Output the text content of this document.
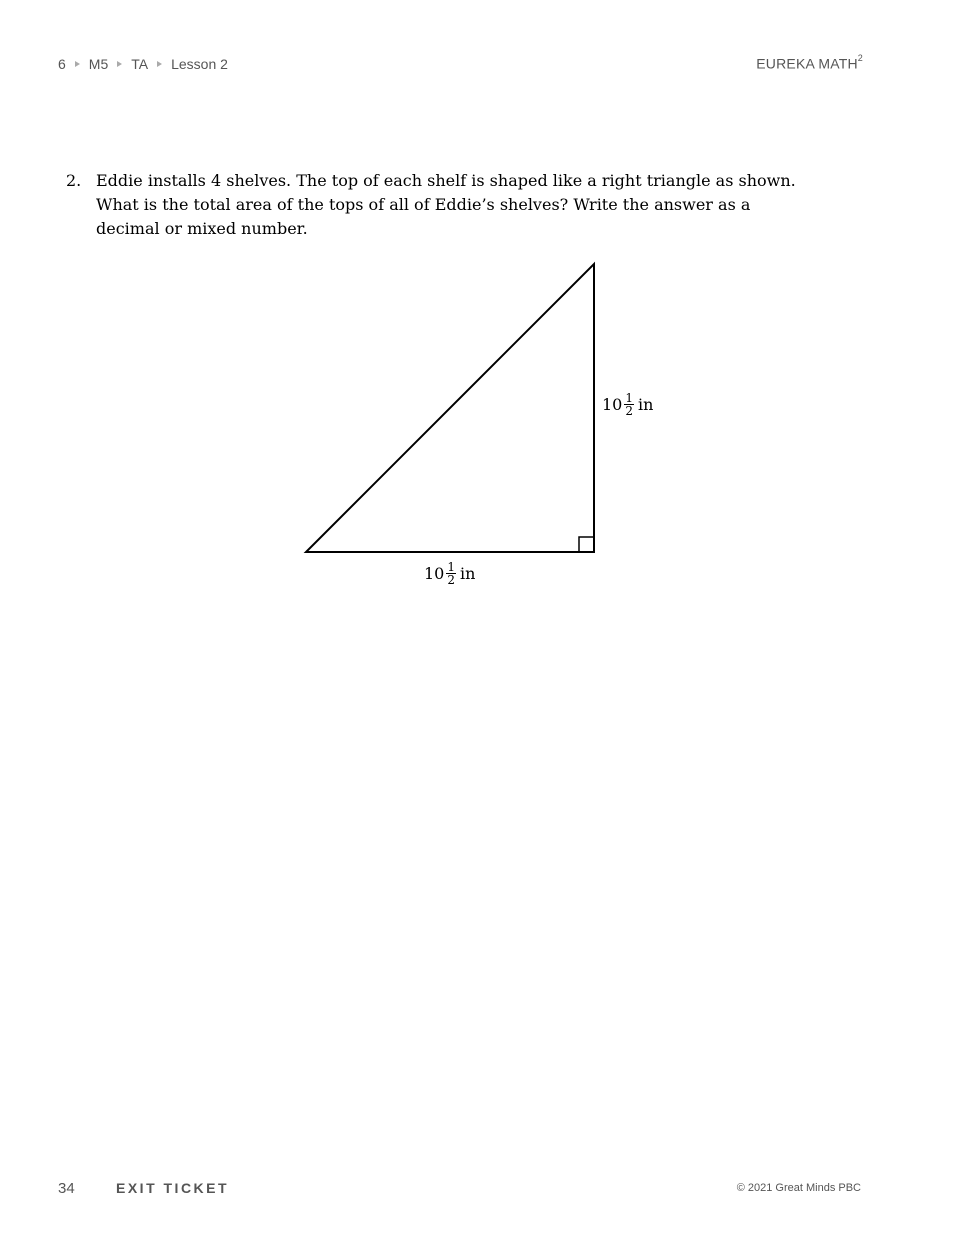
6 M5 TA Lesson 2	EUREKA MATH$^2$
2. Eddie installs 4 shelves. The top of each shelf is shaped like a right triangle as shown. What is the total area of the tops of all of Eddie’s shelves? Write the answer as a decimal or mixed number.
$10 \frac{1}{2}$ in
$10 \frac{1}{2}$ in
34	EXIT TICKET	© 2021 Great Minds PBC
